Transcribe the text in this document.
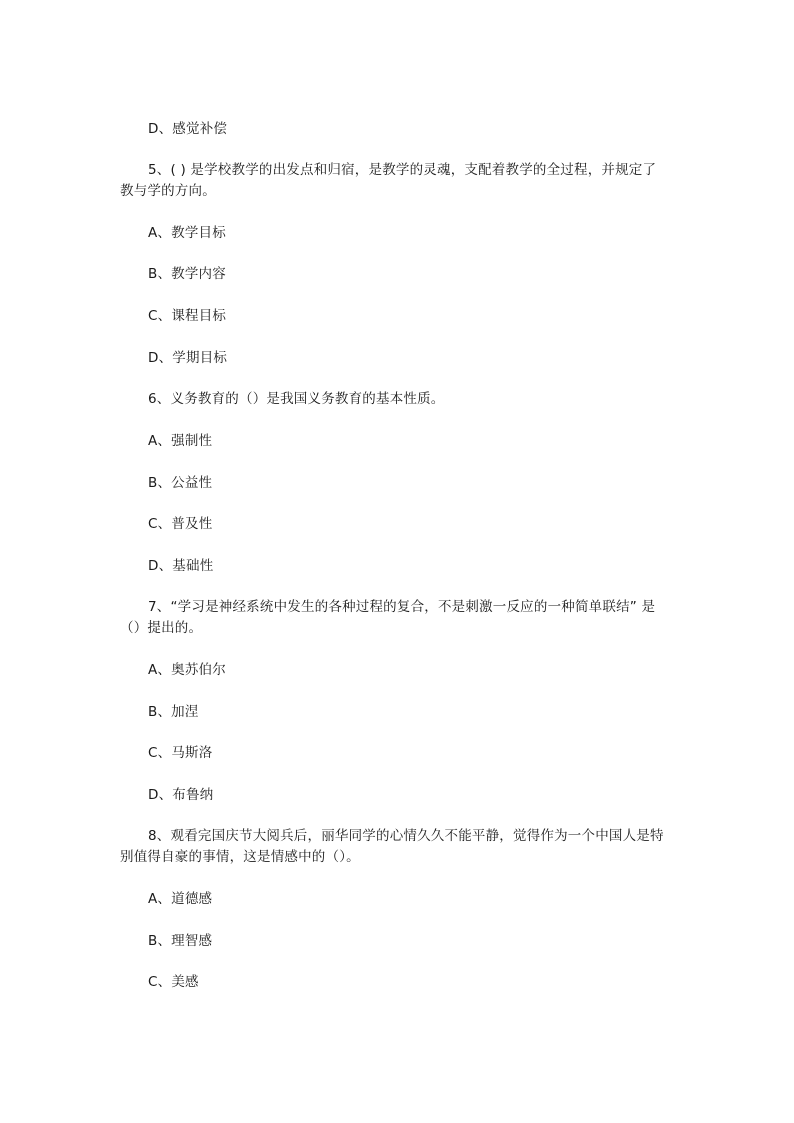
D、感觉补偿
5、( ) 是学校教学的出发点和归宿，是教学的灵魂，支配着教学的全过程，并规定了
教与学的方向。
A、教学目标
B、教学内容
C、课程目标
D、学期目标
6、义务教育的（）是我国义务教育的基本性质。
A、强制性
B、公益性
C、普及性
D、基础性
7、“学习是神经系统中发生的各种过程的复合，不是刺激一反应的一种简单联结” 是
（）提出的。
A、奥苏伯尔
B、加涅
C、马斯洛
D、布鲁纳
8、观看完国庆节大阅兵后，丽华同学的心情久久不能平静，觉得作为一个中国人是特
别值得自豪的事情，这是情感中的（）。
A、道德感
B、理智感
C、美感
